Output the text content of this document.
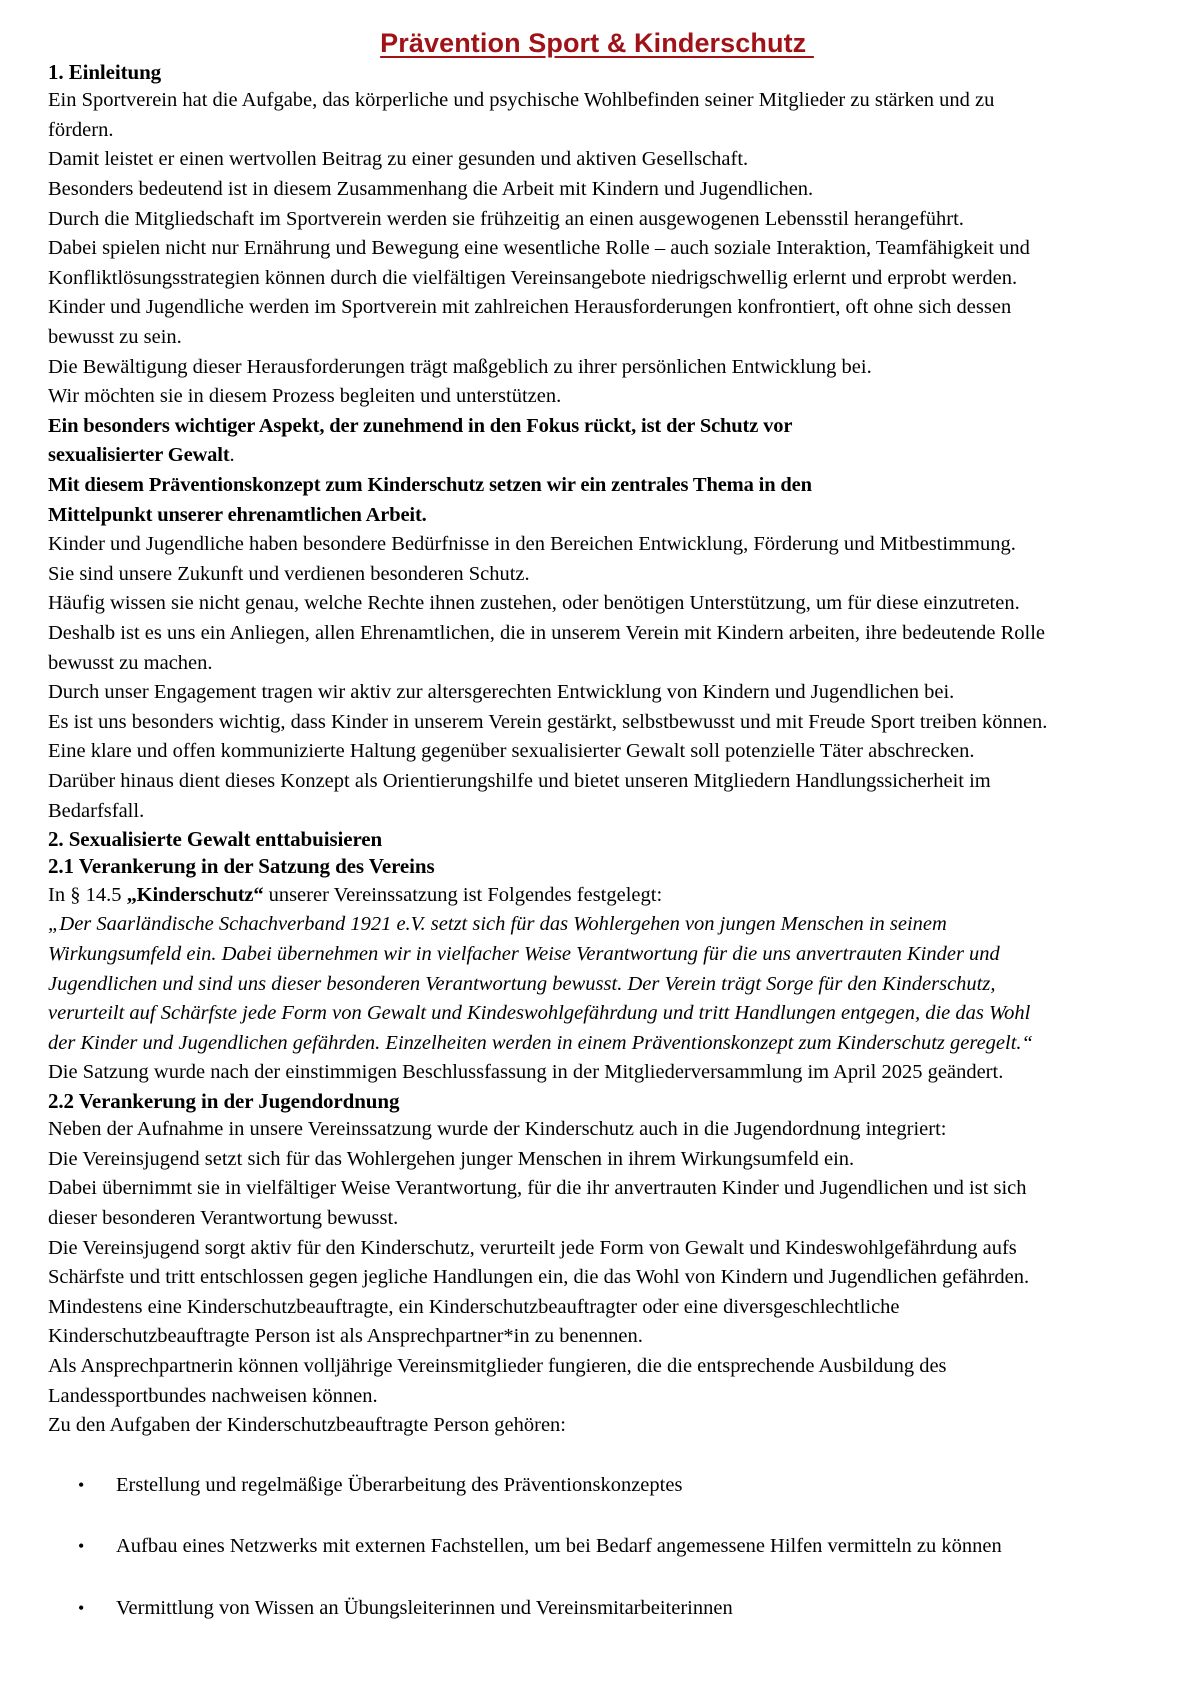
Prävention Sport & Kinderschutz
1. Einleitung

Ein Sportverein hat die Aufgabe, das körperliche und psychische Wohlbefinden seiner Mitglieder zu stärken und zu
fördern.
Damit leistet er einen wertvollen Beitrag zu einer gesunden und aktiven Gesellschaft.
Besonders bedeutend ist in diesem Zusammenhang die Arbeit mit Kindern und Jugendlichen.
Durch die Mitgliedschaft im Sportverein werden sie frühzeitig an einen ausgewogenen Lebensstil herangeführt.
Dabei spielen nicht nur Ernährung und Bewegung eine wesentliche Rolle – auch soziale Interaktion, Teamfähigkeit und
Konfliktlösungsstrategien können durch die vielfältigen Vereinsangebote niedrigschwellig erlernt und erprobt werden.
Kinder und Jugendliche werden im Sportverein mit zahlreichen Herausforderungen konfrontiert, oft ohne sich dessen
bewusst zu sein.
Die Bewältigung dieser Herausforderungen trägt maßgeblich zu ihrer persönlichen Entwicklung bei.
Wir möchten sie in diesem Prozess begleiten und unterstützen.

Ein besonders wichtiger Aspekt, der zunehmend in den Fokus rückt, ist der Schutz vor
sexualisierter Gewalt.
Mit diesem Präventionskonzept zum Kinderschutz setzen wir ein zentrales Thema in den
Mittelpunkt unserer ehrenamtlichen Arbeit.

Kinder und Jugendliche haben besondere Bedürfnisse in den Bereichen Entwicklung, Förderung und Mitbestimmung.
Sie sind unsere Zukunft und verdienen besonderen Schutz.
Häufig wissen sie nicht genau, welche Rechte ihnen zustehen, oder benötigen Unterstützung, um für diese einzutreten.
Deshalb ist es uns ein Anliegen, allen Ehrenamtlichen, die in unserem Verein mit Kindern arbeiten, ihre bedeutende Rolle
bewusst zu machen.
Durch unser Engagement tragen wir aktiv zur altersgerechten Entwicklung von Kindern und Jugendlichen bei.
Es ist uns besonders wichtig, dass Kinder in unserem Verein gestärkt, selbstbewusst und mit Freude Sport treiben können.
Eine klare und offen kommunizierte Haltung gegenüber sexualisierter Gewalt soll potenzielle Täter abschrecken.
Darüber hinaus dient dieses Konzept als Orientierungshilfe und bietet unseren Mitgliedern Handlungssicherheit im
Bedarfsfall.

2. Sexualisierte Gewalt enttabuisieren
2.1 Verankerung in der Satzung des Vereins

In § 14.5 „Kinderschutz“ unserer Vereinssatzung ist Folgendes festgelegt:

„Der Saarländische Schachverband 1921 e.V. setzt sich für das Wohlergehen von jungen Menschen in seinem
Wirkungsumfeld ein. Dabei übernehmen wir in vielfacher Weise Verantwortung für die uns anvertrauten Kinder und
Jugendlichen und sind uns dieser besonderen Verantwortung bewusst. Der Verein trägt Sorge für den Kinderschutz,
verurteilt auf Schärfste jede Form von Gewalt und Kindeswohlgefährdung und tritt Handlungen entgegen, die das Wohl
der Kinder und Jugendlichen gefährden. Einzelheiten werden in einem Präventionskonzept zum Kinderschutz geregelt.“

Die Satzung wurde nach der einstimmigen Beschlussfassung in der Mitgliederversammlung im April 2025 geändert.

2.2 Verankerung in der Jugendordnung

Neben der Aufnahme in unsere Vereinssatzung wurde der Kinderschutz auch in die Jugendordnung integriert:
Die Vereinsjugend setzt sich für das Wohlergehen junger Menschen in ihrem Wirkungsumfeld ein.
Dabei übernimmt sie in vielfältiger Weise Verantwortung, für die ihr anvertrauten Kinder und Jugendlichen und ist sich
dieser besonderen Verantwortung bewusst.
Die Vereinsjugend sorgt aktiv für den Kinderschutz, verurteilt jede Form von Gewalt und Kindeswohlgefährdung aufs
Schärfste und tritt entschlossen gegen jegliche Handlungen ein, die das Wohl von Kindern und Jugendlichen gefährden.
Mindestens eine Kinderschutzbeauftragte, ein Kinderschutzbeauftragter oder eine diversgeschlechtliche
Kinderschutzbeauftragte Person ist als Ansprechpartner*in zu benennen.
Als Ansprechpartnerin können volljährige Vereinsmitglieder fungieren, die die entsprechende Ausbildung des
Landessportbundes nachweisen können.
Zu den Aufgaben der Kinderschutzbeauftragte Person gehören:

• Erstellung und regelmäßige Überarbeitung des Präventionskonzeptes
• Aufbau eines Netzwerks mit externen Fachstellen, um bei Bedarf angemessene Hilfen vermitteln zu können
• Vermittlung von Wissen an Übungsleiterinnen und Vereinsmitarbeiterinnen
